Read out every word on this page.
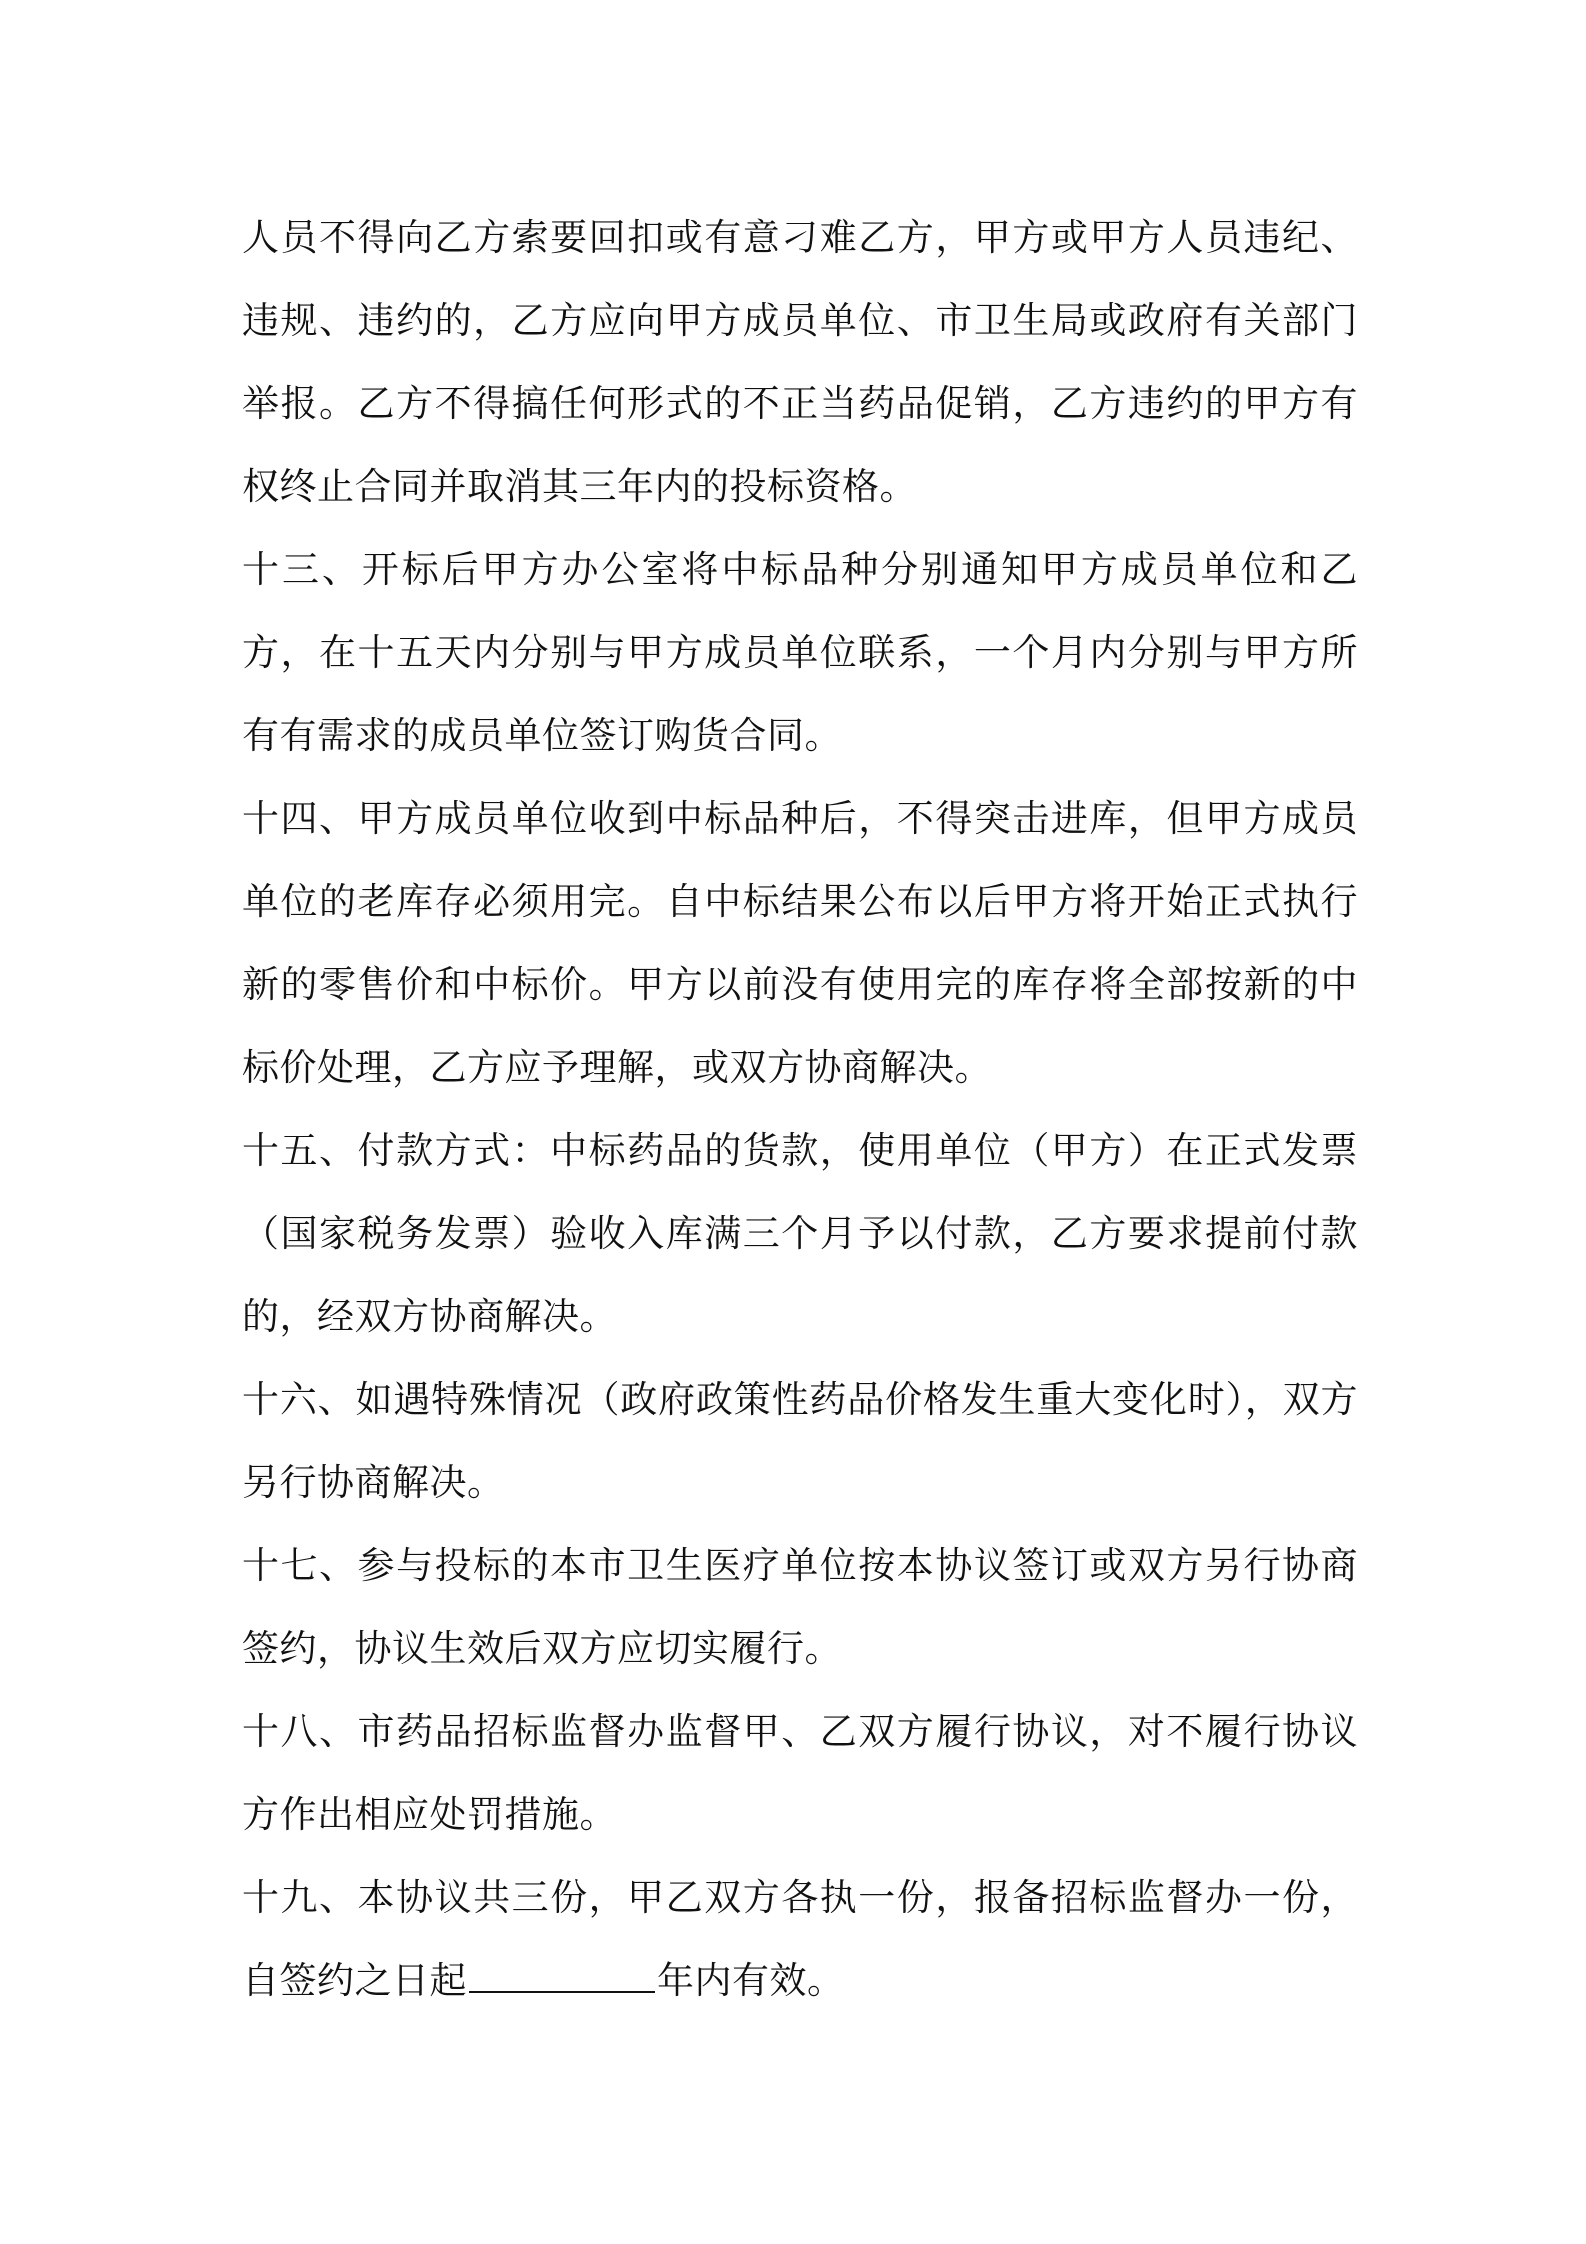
人员不得向乙方索要回扣或有意刁难乙方，甲方或甲方人员违纪、违规、违约的，乙方应向甲方成员单位、市卫生局或政府有关部门举报。乙方不得搞任何形式的不正当药品促销，乙方违约的甲方有权终止合同并取消其三年内的投标资格。

十三、开标后甲方办公室将中标品种分别通知甲方成员单位和乙方，在十五天内分别与甲方成员单位联系，一个月内分别与甲方所有有需求的成员单位签订购货合同。

十四、甲方成员单位收到中标品种后，不得突击进库，但甲方成员单位的老库存必须用完。自中标结果公布以后甲方将开始正式执行新的零售价和中标价。甲方以前没有使用完的库存将全部按新的中标价处理，乙方应予理解，或双方协商解决。

十五、付款方式：中标药品的货款，使用单位（甲方）在正式发票（国家税务发票）验收入库满三个月予以付款，乙方要求提前付款的，经双方协商解决。

十六、如遇特殊情况（政府政策性药品价格发生重大变化时），双方另行协商解决。

十七、参与投标的本市卫生医疗单位按本协议签订或双方另行协商签约，协议生效后双方应切实履行。

十八、市药品招标监督办监督甲、乙双方履行协议，对不履行协议方作出相应处罚措施。

十九、本协议共三份，甲乙双方各执一份，报备招标监督办一份，自签约之日起	年内有效。
